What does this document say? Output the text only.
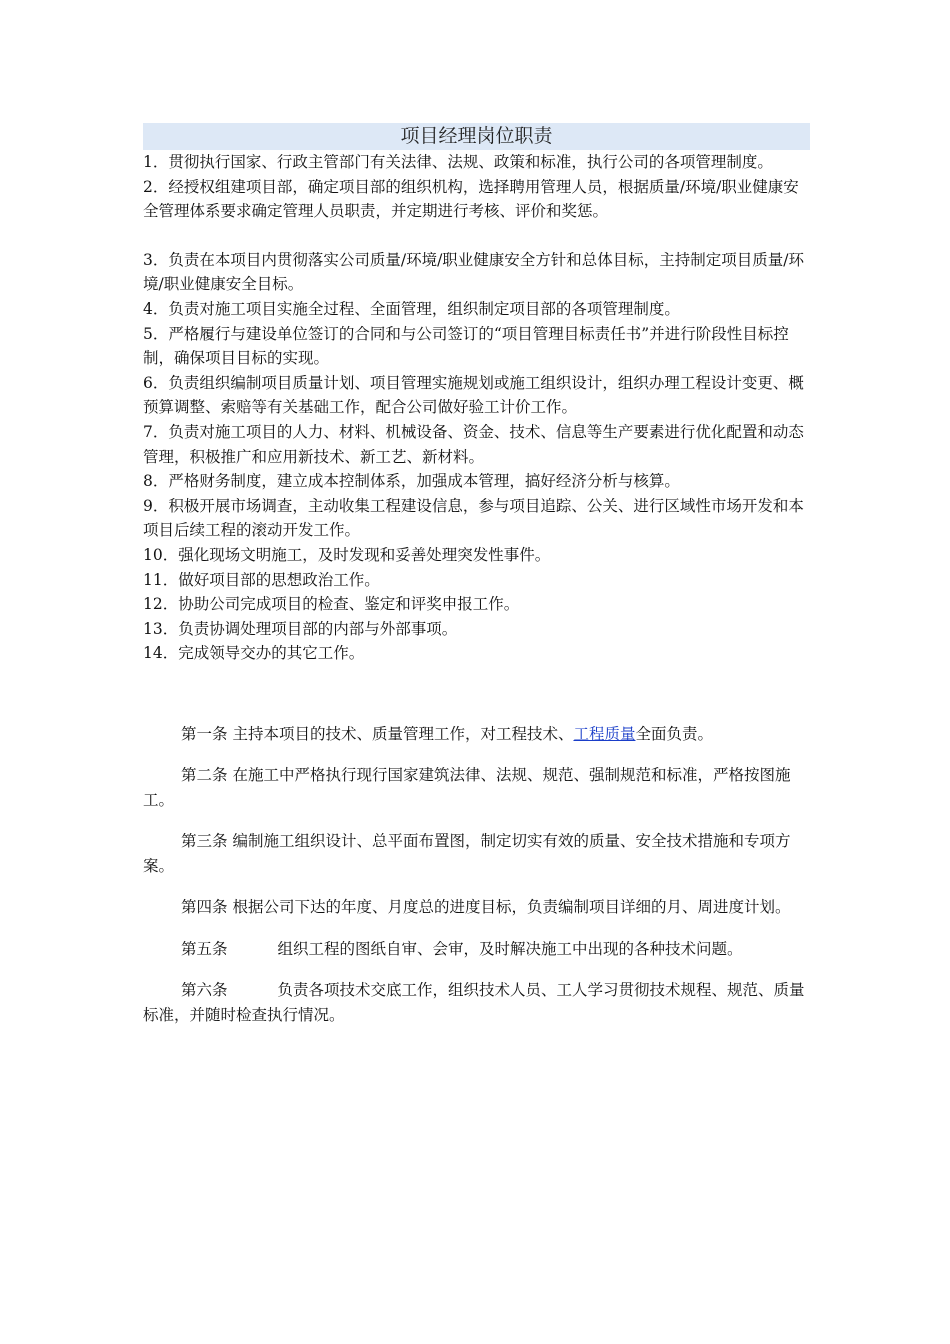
项目经理岗位职责

1．贯彻执行国家、行政主管部门有关法律、法规、政策和标准，执行公司的各项管理制度。

2．经授权组建项目部，确定项目部的组织机构，选择聘用管理人员，根据质量/环境/职业健康安全管理体系要求确定管理人员职责，并定期进行考核、评价和奖惩。

3．负责在本项目内贯彻落实公司质量/环境/职业健康安全方针和总体目标，主持制定项目质量/环境/职业健康安全目标。

4．负责对施工项目实施全过程、全面管理，组织制定项目部的各项管理制度。

5．严格履行与建设单位签订的合同和与公司签订的“项目管理目标责任书”并进行阶段性目标控制，确保项目目标的实现。

6．负责组织编制项目质量计划、项目管理实施规划或施工组织设计，组织办理工程设计变更、概预算调整、索赔等有关基础工作，配合公司做好验工计价工作。

7．负责对施工项目的人力、材料、机械设备、资金、技术、信息等生产要素进行优化配置和动态管理，积极推广和应用新技术、新工艺、新材料。

8．严格财务制度，建立成本控制体系，加强成本管理，搞好经济分析与核算。

9．积极开展市场调查，主动收集工程建设信息，参与项目追踪、公关、进行区域性市场开发和本项目后续工程的滚动开发工作。

10．强化现场文明施工，及时发现和妥善处理突发性事件。

11．做好项目部的思想政治工作。

12．协助公司完成项目的检查、鉴定和评奖申报工作。

13．负责协调处理项目部的内部与外部事项。

14．完成领导交办的其它工作。

第一条 主持本项目的技术、质量管理工作，对工程技术、工程质量全面负责。

第二条 在施工中严格执行现行国家建筑法律、法规、规范、强制规范和标准，严格按图施工。

第三条 编制施工组织设计、总平面布置图，制定切实有效的质量、安全技术措施和专项方案。

第四条 根据公司下达的年度、月度总的进度目标，负责编制项目详细的月、周进度计划。

第五条	组织工程的图纸自审、会审，及时解决施工中出现的各种技术问题。

第六条	负责各项技术交底工作，组织技术人员、工人学习贯彻技术规程、规范、质量标准，并随时检查执行情况。
